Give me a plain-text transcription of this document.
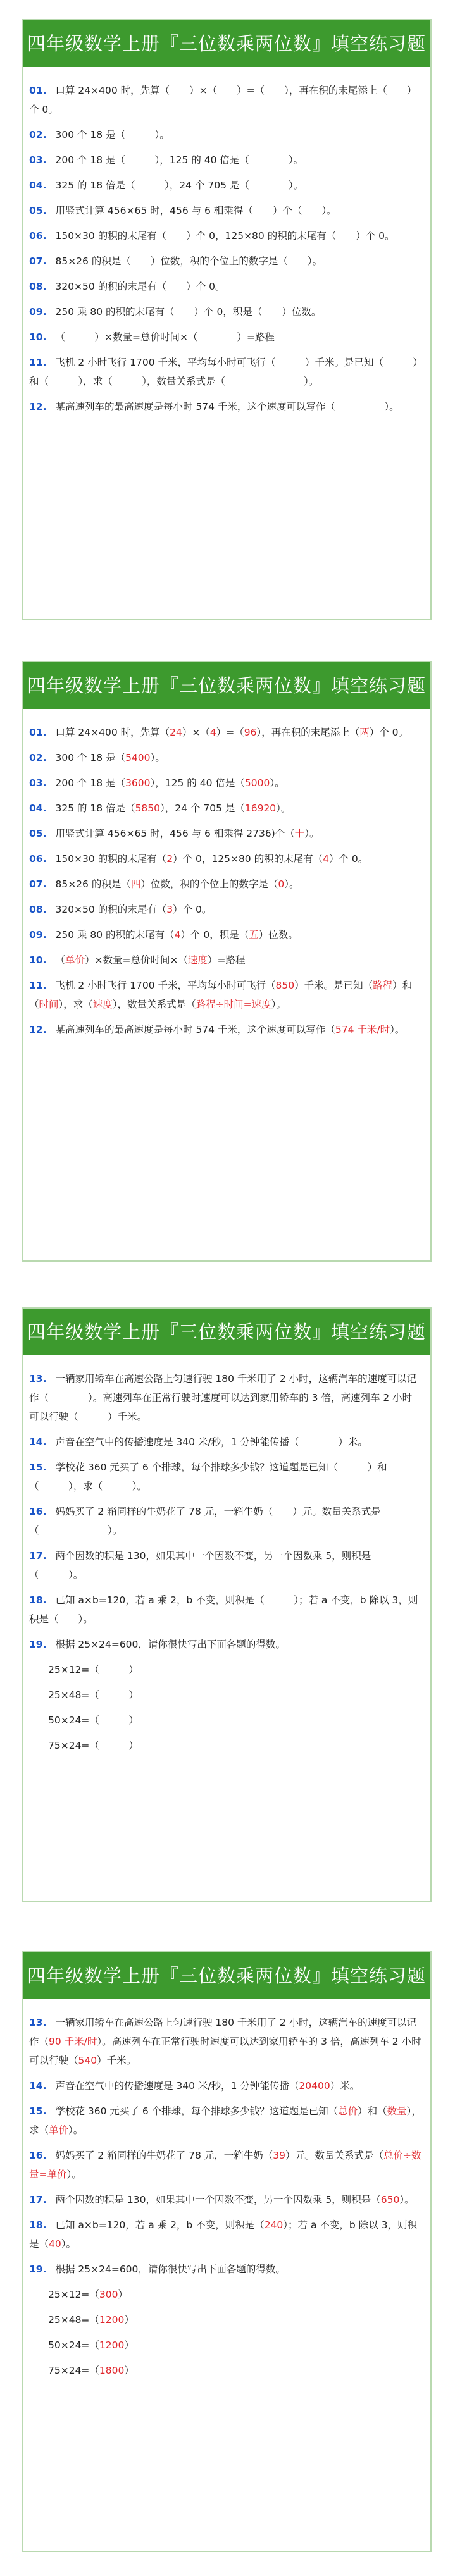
四年级数学上册『三位数乘两位数』填空练习题
01. 口算 24×400 时，先算（　　）×（　　）=（　　），再在积的末尾添上（　　）个 0。
02. 300 个 18 是（　　　）。
03. 200 个 18 是（　　　），125 的 40 倍是（　　　　）。
04. 325 的 18 倍是（　　　），24 个 705 是（　　　　）。
05. 用竖式计算 456×65 时，456 与 6 相乘得（　　）个（　　）。
06. 150×30 的积的末尾有（　　）个 0，125×80 的积的末尾有（　　）个 0。
07. 85×26 的积是（　　）位数，积的个位上的数字是（　　）。
08. 320×50 的积的末尾有（　　）个 0。
09. 250 乘 80 的积的末尾有（　　）个 0，积是（　　）位数。
10. （　　　）×数量=总价时间×（　　　　）=路程
11. 飞机 2 小时飞行 1700 千米，平均每小时可飞行（　　　）千米。是已知（　　　）和（　　　），求（　　　），数量关系式是（　　　　　　　　）。
12. 某高速列车的最高速度是每小时 574 千米，这个速度可以写作（　　　　　）。
四年级数学上册『三位数乘两位数』填空练习题
01. 口算 24×400 时，先算（24）×（4）=（96），再在积的末尾添上（两）个 0。
02. 300 个 18 是（5400）。
03. 200 个 18 是（3600），125 的 40 倍是（5000）。
04. 325 的 18 倍是（5850），24 个 705 是（16920）。
05. 用竖式计算 456×65 时，456 与 6 相乘得 2736)个（十）。
06. 150×30 的积的末尾有（2）个 0，125×80 的积的末尾有（4）个 0。
07. 85×26 的积是（四）位数，积的个位上的数字是（0）。
08. 320×50 的积的末尾有（3）个 0。
09. 250 乘 80 的积的末尾有（4）个 0，积是（五）位数。
10. （单价）×数量=总价时间×（速度）=路程
11. 飞机 2 小时飞行 1700 千米，平均每小时可飞行（850）千米。是已知（路程）和（时间），求（速度），数量关系式是（路程÷时间=速度）。
12. 某高速列车的最高速度是每小时 574 千米，这个速度可以写作（574 千米/时）。
四年级数学上册『三位数乘两位数』填空练习题
13. 一辆家用轿车在高速公路上匀速行驶 180 千米用了 2 小时，这辆汽车的速度可以记作（　　　　）。高速列车在正常行驶时速度可以达到家用轿车的 3 倍，高速列车 2 小时可以行驶（　　　）千米。
14. 声音在空气中的传播速度是 340 米/秒，1 分钟能传播（　　　　）米。
15. 学校花 360 元买了 6 个排球，每个排球多少钱？这道题是已知（　　　）和（　　　），求（　　　）。
16. 妈妈买了 2 箱同样的牛奶花了 78 元，一箱牛奶（　　）元。数量关系式是（　　　　　　　）。
17. 两个因数的积是 130，如果其中一个因数不变，另一个因数乘 5，则积是（　　　）。
18. 已知 a×b=120，若 a 乘 2，b 不变，则积是（　　　）；若 a 不变，b 除以 3，则积是（　　）。
19. 根据 25×24=600，请你很快写出下面各题的得数。
25×12=（　　　）
25×48=（　　　）
50×24=（　　　）
75×24=（　　　）
四年级数学上册『三位数乘两位数』填空练习题
13. 一辆家用轿车在高速公路上匀速行驶 180 千米用了 2 小时，这辆汽车的速度可以记作（90 千米/时）。高速列车在正常行驶时速度可以达到家用轿车的 3 倍，高速列车 2 小时可以行驶（540）千米。
14. 声音在空气中的传播速度是 340 米/秒，1 分钟能传播（20400）米。
15. 学校花 360 元买了 6 个排球，每个排球多少钱？这道题是已知（总价）和（数量），求（单价）。
16. 妈妈买了 2 箱同样的牛奶花了 78 元，一箱牛奶（39）元。数量关系式是（总价÷数量=单价）。
17. 两个因数的积是 130，如果其中一个因数不变，另一个因数乘 5，则积是（650）。
18. 已知 a×b=120，若 a 乘 2，b 不变，则积是（240）；若 a 不变，b 除以 3，则积是（40）。
19. 根据 25×24=600，请你很快写出下面各题的得数。
25×12=（300）
25×48=（1200）
50×24=（1200）
75×24=（1800）
